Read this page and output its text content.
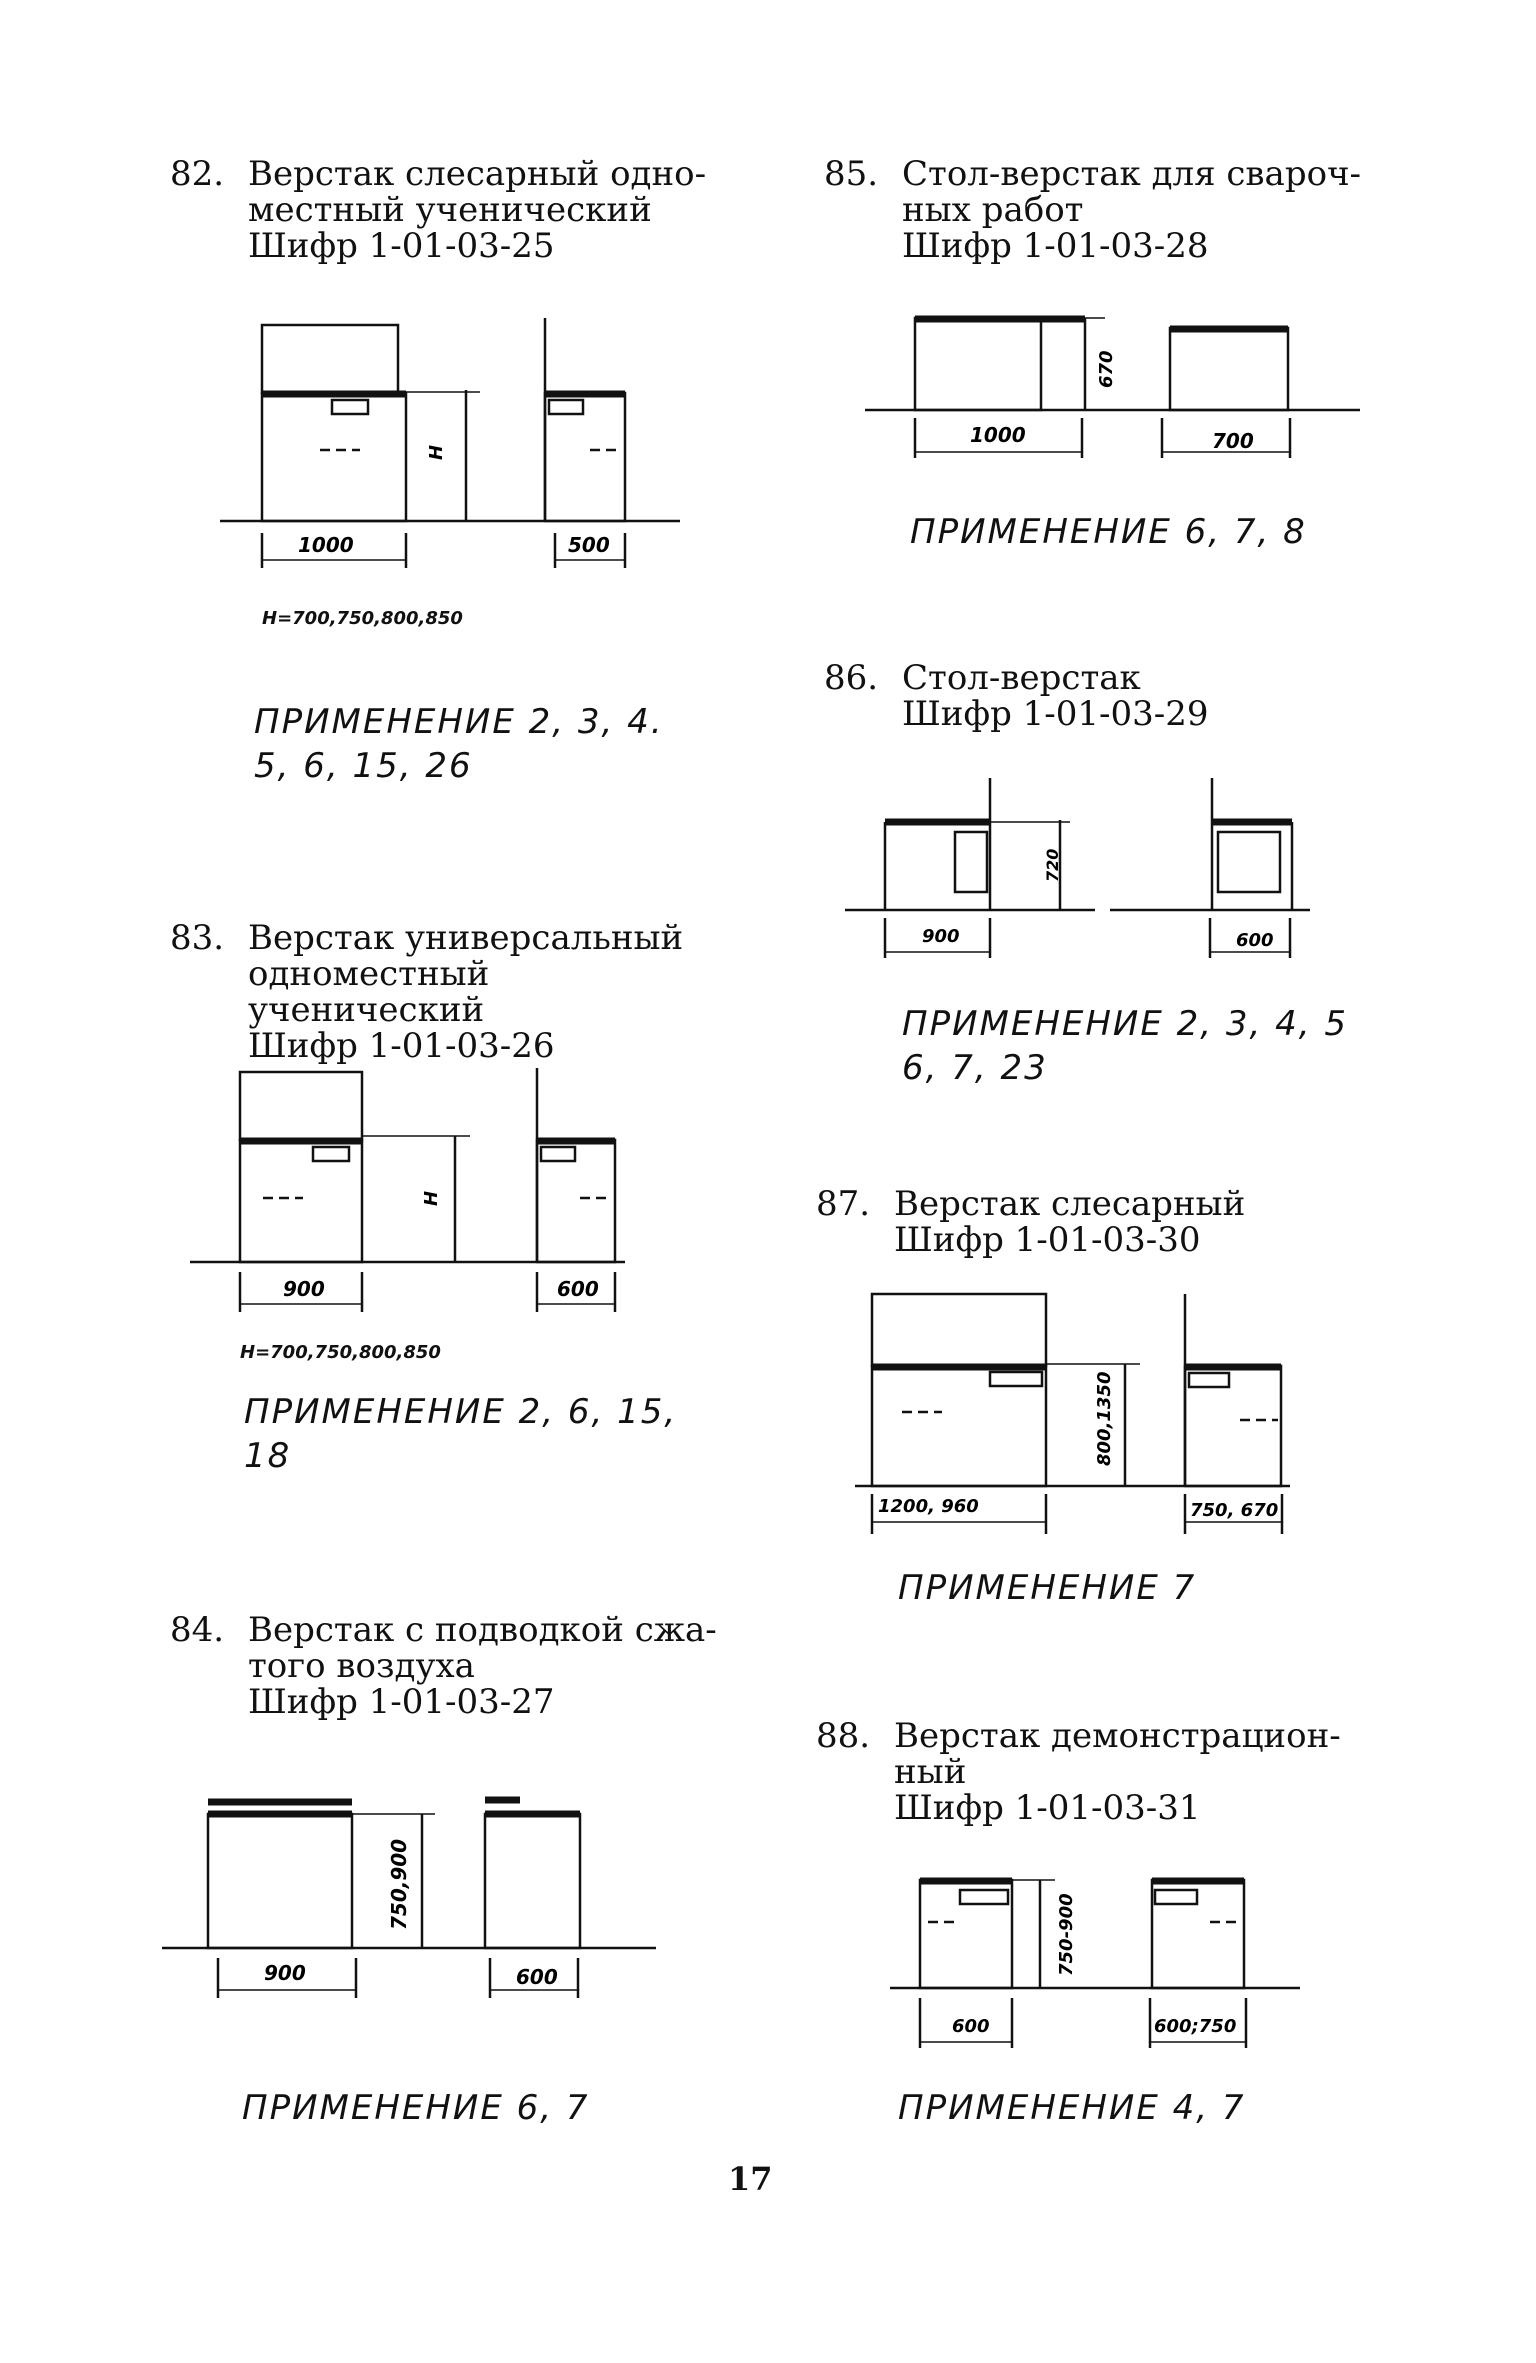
82. Верстак слесарный одно-
местный ученический
Шифр 1-01-03-25
H
1000	500
H=700,750,800,850
ПРИМЕНЕНИЕ 2, 3, 4.
5, 6, 15, 26
83. Верстак универсальный
одноместный ученический
Шифр 1-01-03-26
H
900	600
H=700,750,800,850
ПРИМЕНЕНИЕ 2, 6, 15,
18
84. Верстак с подводкой сжа-
того воздуха
Шифр 1-01-03-27
750,900
900	600
ПРИМЕНЕНИЕ 6, 7
85. Стол-верстак для свароч-
ных работ
Шифр 1-01-03-28
670
1000	700
ПРИМЕНЕНИЕ 6, 7, 8
86. Стол-верстак
Шифр 1-01-03-29
720
900	600
ПРИМЕНЕНИЕ 2, 3, 4, 5
6, 7, 23
87. Верстак слесарный
Шифр 1-01-03-30
800,1350
1200, 960	750, 670
ПРИМЕНЕНИЕ 7
88. Верстак демонстрацион-
ный
Шифр 1-01-03-31
750-900
600	600;750
ПРИМЕНЕНИЕ 4, 7
17
